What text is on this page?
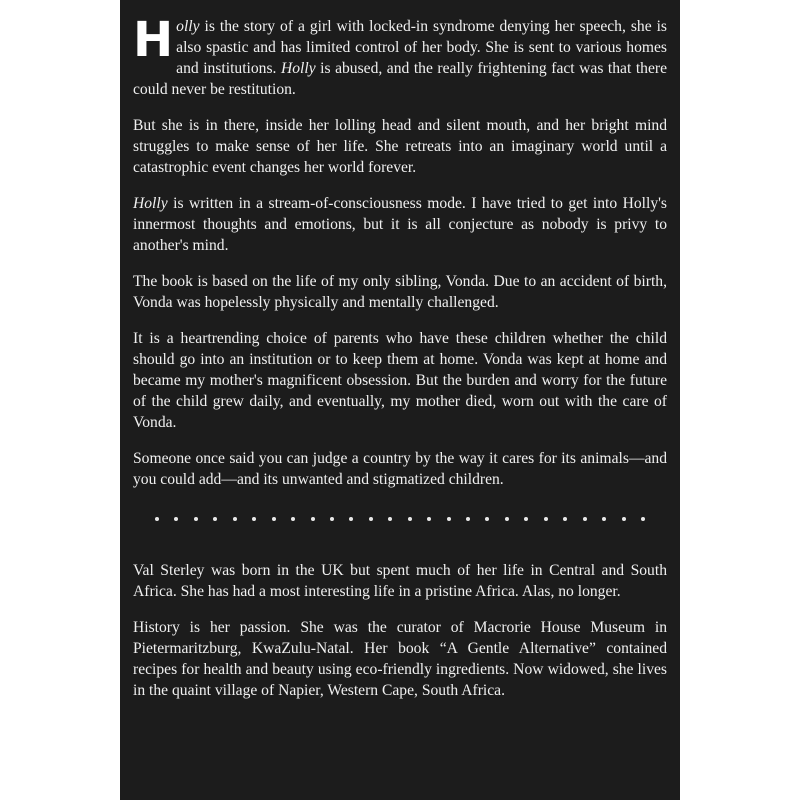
Holly is the story of a girl with locked-in syndrome denying her speech, she is also spastic and has limited control of her body. She is sent to various homes and institutions. Holly is abused, and the really frightening fact was that there could never be restitution.

But she is in there, inside her lolling head and silent mouth, and her bright mind struggles to make sense of her life. She retreats into an imaginary world until a catastrophic event changes her world forever.

Holly is written in a stream-of-consciousness mode. I have tried to get into Holly's innermost thoughts and emotions, but it is all conjecture as nobody is privy to another's mind.

The book is based on the life of my only sibling, Vonda. Due to an accident of birth, Vonda was hopelessly physically and mentally challenged.

It is a heartrending choice of parents who have these children whether the child should go into an institution or to keep them at home. Vonda was kept at home and became my mother's magnificent obsession. But the burden and worry for the future of the child grew daily, and eventually, my mother died, worn out with the care of Vonda.

Someone once said you can judge a country by the way it cares for its animals—and you could add—and its unwanted and stigmatized children.

Val Sterley was born in the UK but spent much of her life in Central and South Africa. She has had a most interesting life in a pristine Africa. Alas, no longer.

History is her passion. She was the curator of Macrorie House Museum in Pietermaritzburg, KwaZulu-Natal. Her book “A Gentle Alternative” contained recipes for health and beauty using eco-friendly ingredients. Now widowed, she lives in the quaint village of Napier, Western Cape, South Africa.
